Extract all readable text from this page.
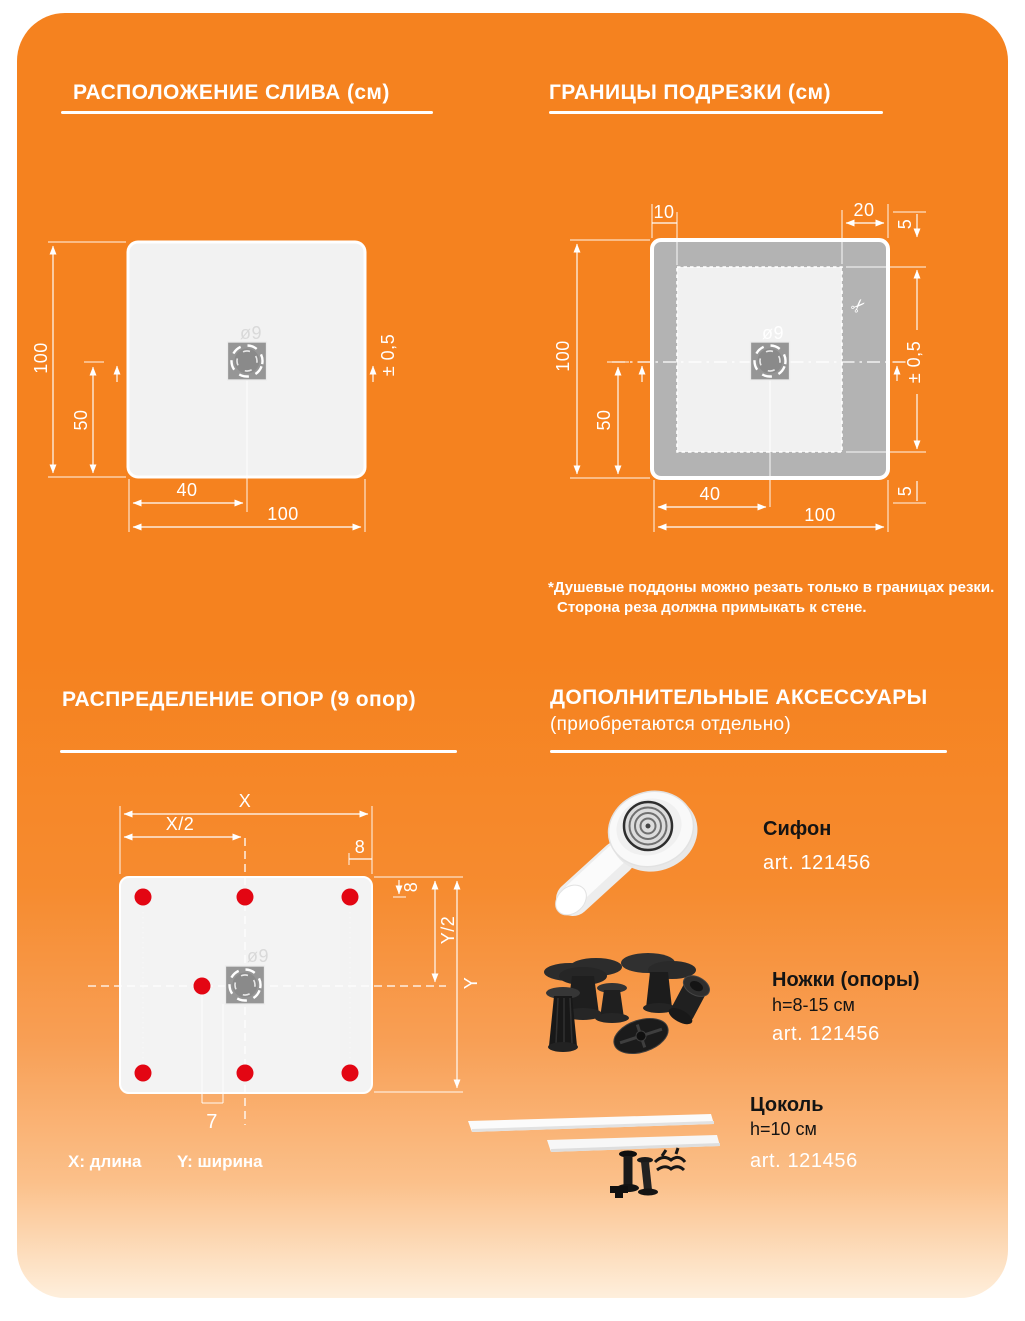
РАСПОЛОЖЕНИЕ СЛИВА (см)	ГРАНИЦЫ ПОДРЕЗКИ (см)
РАСПРЕДЕЛЕНИЕ ОПОР (9 опор)	ДОПОЛНИТЕЛЬНЫЕ АКСЕССУАРЫ
(приобретаются отдельно)
*Душевые поддоны можно резать только в границах резки.
Сторона реза должна примыкать к стене.
X: длина Y: ширина
Сифон
art. 121456
Ножки (опоры)
h=8-15 см
art. 121456
Цоколь
h=10 см
art. 121456
ø9
100
50
± 0,5
40
100
ø9
✂
10	20
5
100
50
± 0,5
5
40
100
7
ø9
X
X/2
8
8
Y/2
Y
